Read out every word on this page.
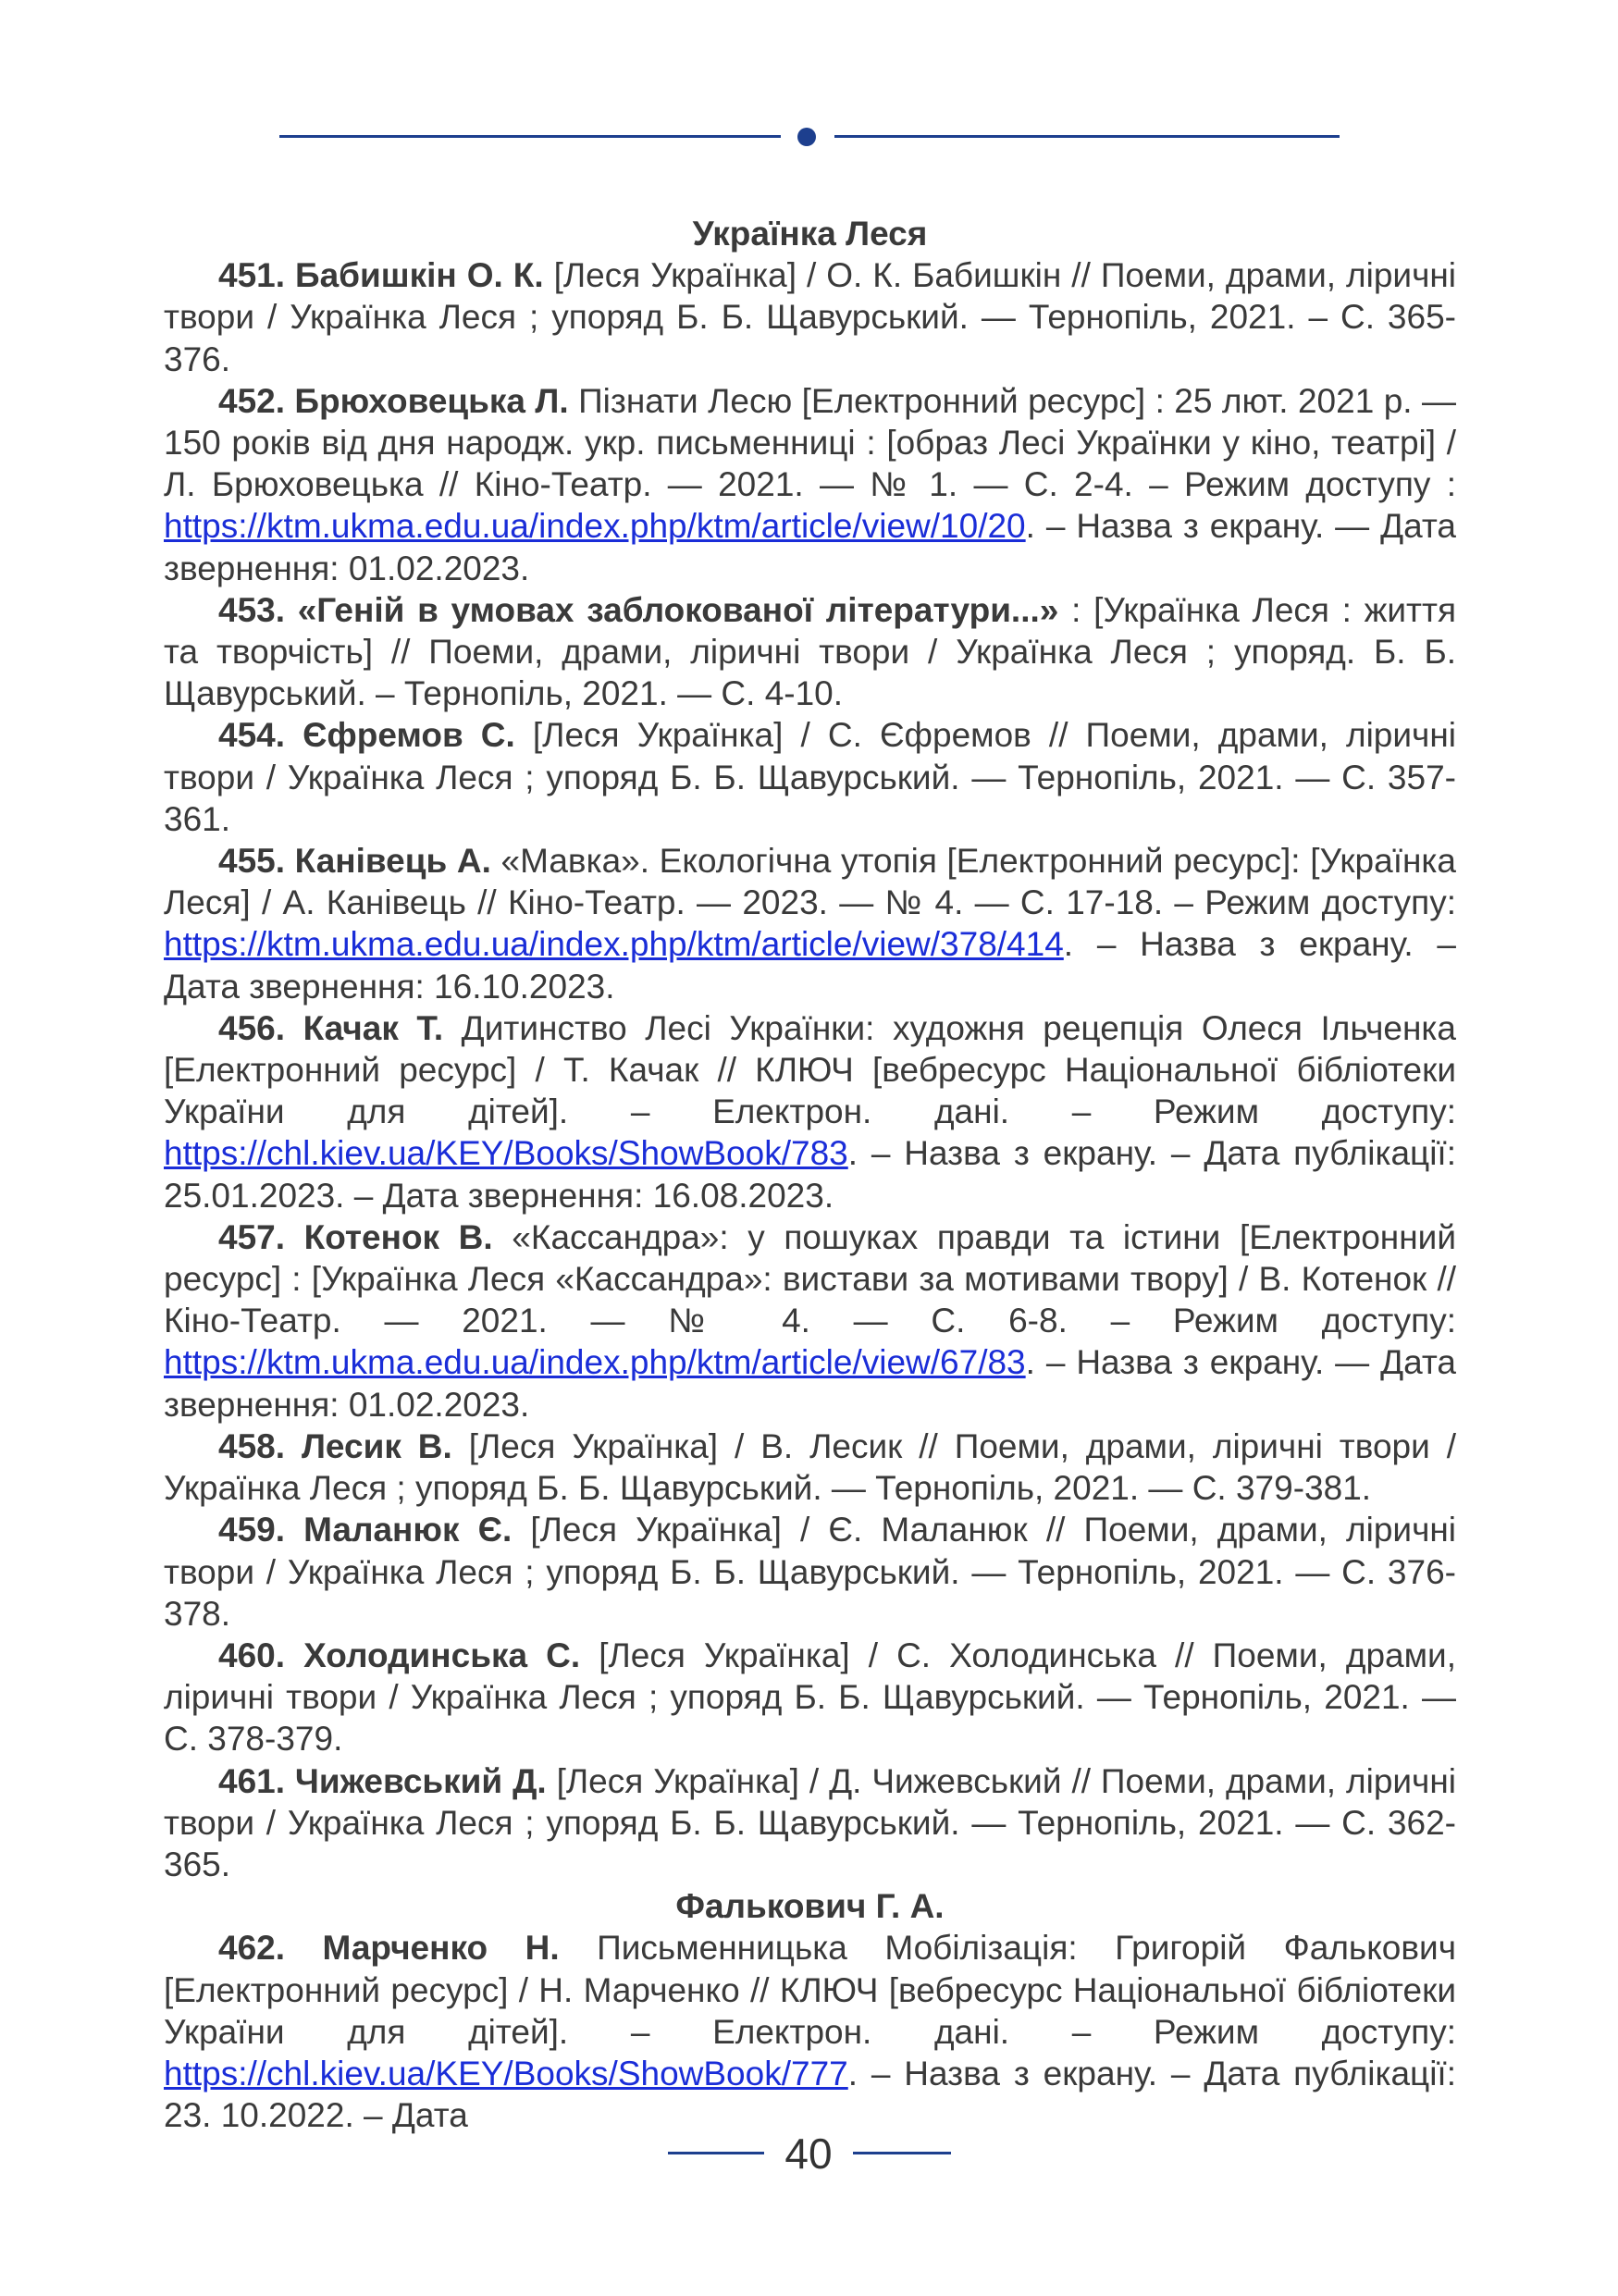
Українка Леся

451. Бабишкін О. К. [Леся Українка] / О. К. Бабишкін // Поеми, драми, ліричні твори / Українка Леся ; упоряд Б. Б. Щавурський. — Тернопіль, 2021. – С. 365-376.

452. Брюховецька Л. Пізнати Лесю [Електронний ресурс] : 25 лют. 2021 р. — 150 років від дня народж. укр. письменниці : [образ Лесі Українки у кіно, театрі] / Л. Брюховецька // Кіно-Театр. — 2021. — № 1. — С. 2-4. – Режим доступу : https://ktm.ukma.edu.ua/index.php/ktm/article/view/10/20. – Назва з екрану. — Дата звернення: 01.02.2023.

453. «Геній в умовах заблокованої літератури...» : [Українка Леся : життя та творчість] // Поеми, драми, ліричні твори / Українка Леся ; упоряд. Б. Б. Щавурський. – Тернопіль, 2021. — С. 4-10.

454. Єфремов С. [Леся Українка] / С. Єфремов // Поеми, драми, ліричні твори / Українка Леся ; упоряд Б. Б. Щавурський. — Тернопіль, 2021. — С. 357-361.

455. Канівець А. «Мавка». Екологічна утопія [Електронний ресурс]: [Українка Леся] / А. Канівець // Кіно-Театр. — 2023. — № 4. — С. 17-18. – Режим доступу: https://ktm.ukma.edu.ua/index.php/ktm/article/view/378/414. – Назва з екрану. – Дата звернення: 16.10.2023.

456. Качак Т. Дитинство Лесі Українки: художня рецепція Олеся Ільченка [Електронний ресурс] / Т. Качак // КЛЮЧ [вебресурс Національної бібліотеки України для дітей]. – Електрон. дані. – Режим доступу: https://chl.kiev.ua/KEY/Books/ShowBook/783. – Назва з екрану. – Дата публікації: 25.01.2023. – Дата звернення: 16.08.2023.

457. Котенок В. «Кассандра»: у пошуках правди та істини [Електронний ресурс] : [Українка Леся «Кассандра»: вистави за мотивами твору] / В. Котенок // Кіно-Театр. — 2021. — № 4. — С. 6-8. – Режим доступу: https://ktm.ukma.edu.ua/index.php/ktm/article/view/67/83. – Назва з екрану. — Дата звернення: 01.02.2023.

458. Лесик В. [Леся Українка] / В. Лесик // Поеми, драми, ліричні твори / Українка Леся ; упоряд Б. Б. Щавурський. — Тернопіль, 2021. — С. 379-381.

459. Маланюк Є. [Леся Українка] / Є. Маланюк // Поеми, драми, ліричні твори / Українка Леся ; упоряд Б. Б. Щавурський. — Тернопіль, 2021. — С. 376-378.

460. Холодинська С. [Леся Українка] / С. Холодинська // Поеми, драми, ліричні твори / Українка Леся ; упоряд Б. Б. Щавурський. — Тернопіль, 2021. — С. 378-379.

461. Чижевський Д. [Леся Українка] / Д. Чижевський // Поеми, драми, ліричні твори / Українка Леся ; упоряд Б. Б. Щавурський. — Тернопіль, 2021. — С. 362-365.

Фалькович Г. А.

462. Марченко Н. Письменницька Мобілізація: Григорій Фалькович [Електронний ресурс] / Н. Марченко // КЛЮЧ [вебресурс Національної бібліотеки України для дітей]. – Електрон. дані. – Режим доступу: https://chl.kiev.ua/KEY/Books/ShowBook/777. – Назва з екрану. – Дата публікації: 23. 10.2022. – Дата

40
